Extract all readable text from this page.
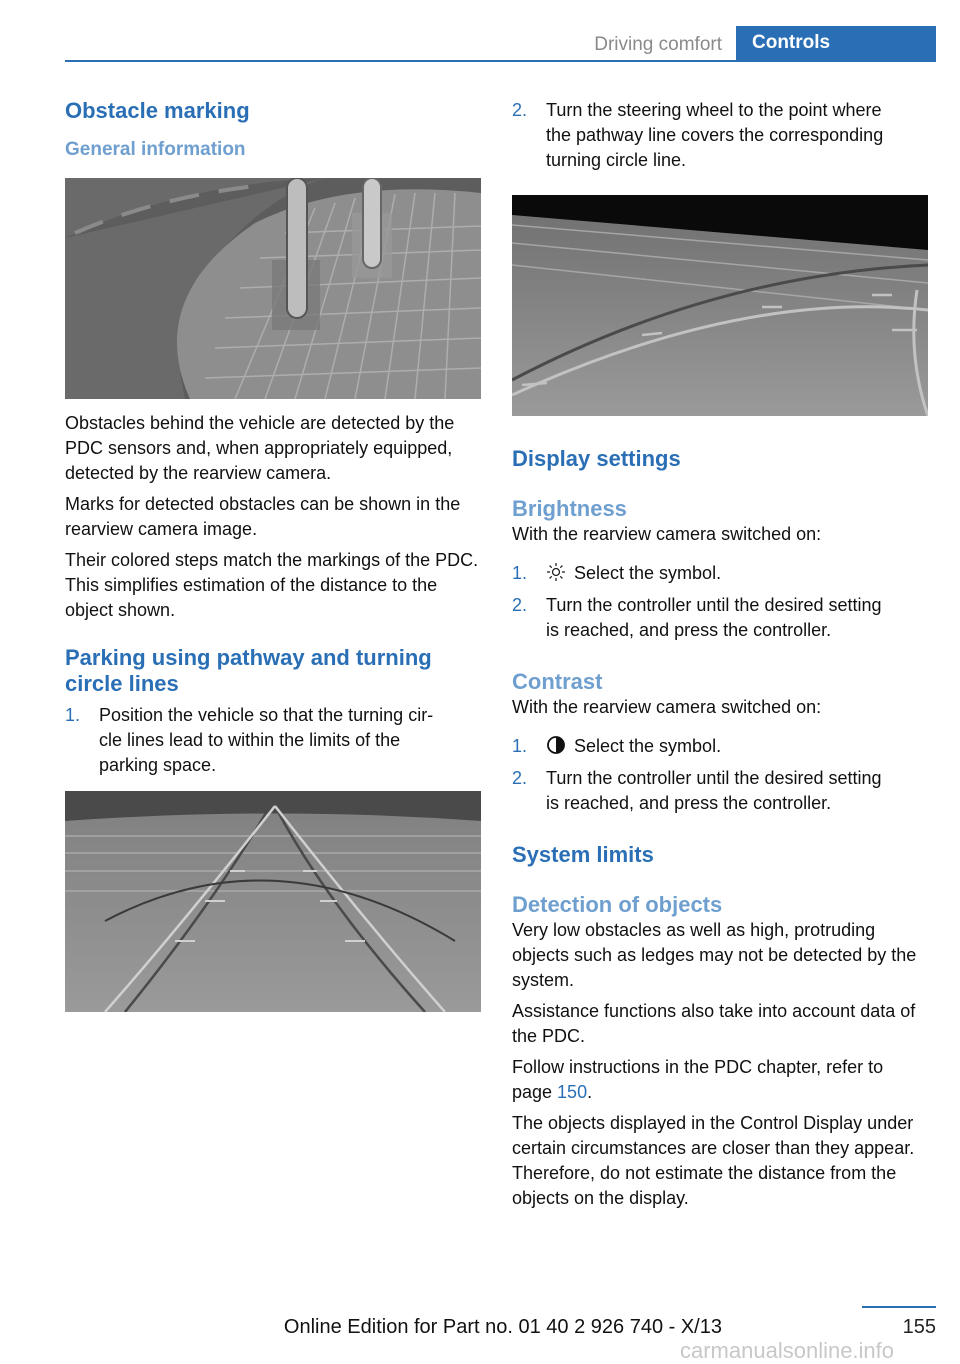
Driving comfort	Controls
Obstacle marking
General information

Obstacles behind the vehicle are detected by the PDC sensors and, when appropriately equipped, detected by the rearview camera.

Marks for detected obstacles can be shown in the rearview camera image.

Their colored steps match the markings of the PDC. This simplifies estimation of the distance to the object shown.

Parking using pathway and turning circle lines
1. Position the vehicle so that the turning cir-
cle lines lead to within the limits of the
parking space.
2. Turn the steering wheel to the point where
the pathway line covers the corresponding
turning circle line.
Display settings
Brightness

With the rearview camera switched on:

1.	Select the symbol.
2. Turn the controller until the desired setting
is reached, and press the controller.
Contrast

With the rearview camera switched on:

1.	Select the symbol.
2. Turn the controller until the desired setting
is reached, and press the controller.
System limits
Detection of objects

Very low obstacles as well as high, protruding objects such as ledges may not be detected by the system.

Assistance functions also take into account data of the PDC.

Follow instructions in the PDC chapter, refer to page 150.

The objects displayed in the Control Display under certain circumstances are closer than they appear. Therefore, do not estimate the distance from the objects on the display.

155
Online Edition for Part no. 01 40 2 926 740 - X/13
carmanualsonline.info
